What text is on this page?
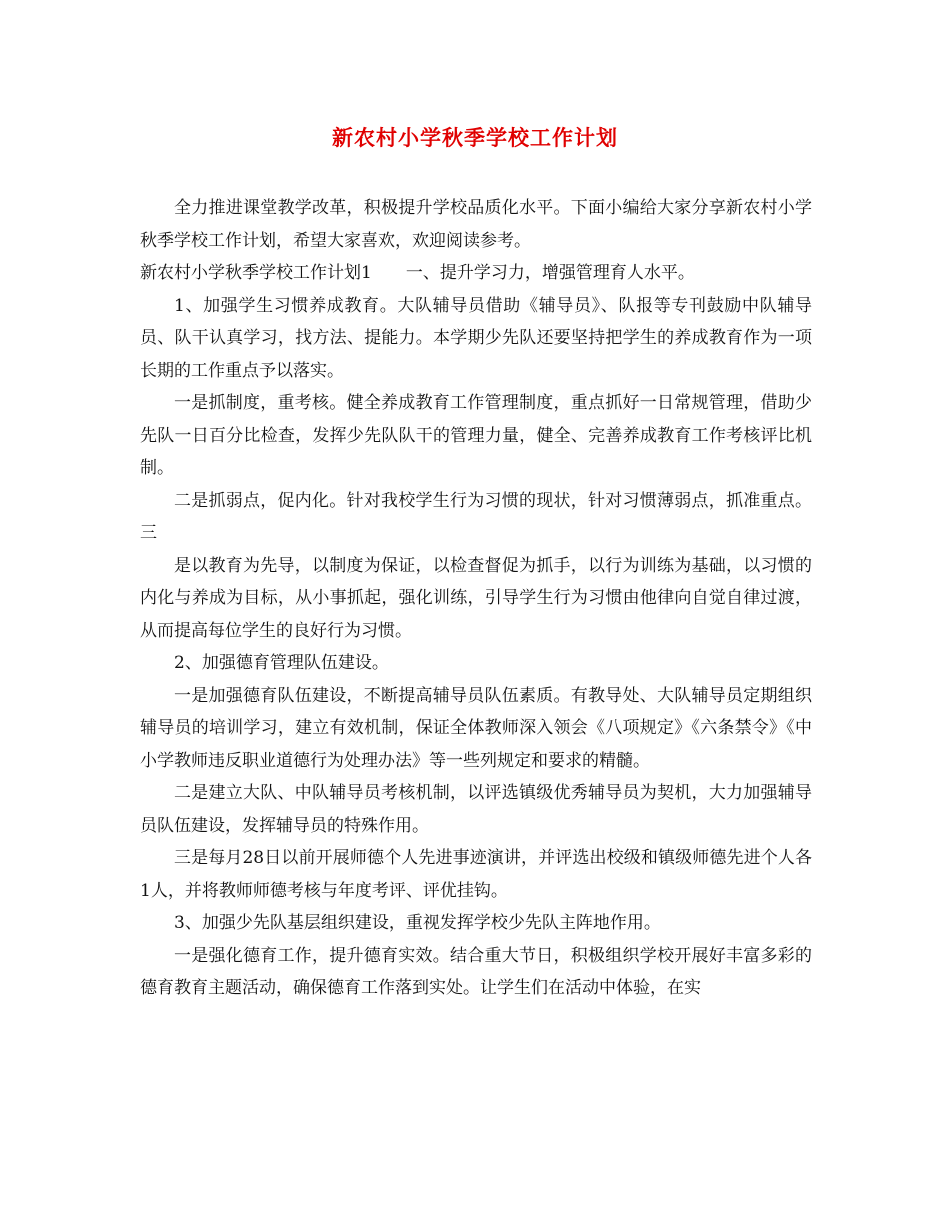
新农村小学秋季学校工作计划

全力推进课堂教学改革，积极提升学校品质化水平。下面小编给大家分享新农村小学秋季学校工作计划，希望大家喜欢，欢迎阅读参考。

新农村小学秋季学校工作计划1 一、提升学习力，增强管理育人水平。

1、加强学生习惯养成教育。大队辅导员借助《辅导员》、队报等专刊鼓励中队辅导员、队干认真学习，找方法、提能力。本学期少先队还要坚持把学生的养成教育作为一项长期的工作重点予以落实。

一是抓制度，重考核。健全养成教育工作管理制度，重点抓好一日常规管理，借助少先队一日百分比检查，发挥少先队队干的管理力量，健全、完善养成教育工作考核评比机制。

二是抓弱点，促内化。针对我校学生行为习惯的现状，针对习惯薄弱点，抓准重点。三

是以教育为先导，以制度为保证，以检查督促为抓手，以行为训练为基础，以习惯的内化与养成为目标，从小事抓起，强化训练，引导学生行为习惯由他律向自觉自律过渡，从而提高每位学生的良好行为习惯。

2、加强德育管理队伍建设。

一是加强德育队伍建设，不断提高辅导员队伍素质。有教导处、大队辅导员定期组织辅导员的培训学习，建立有效机制，保证全体教师深入领会《八项规定》《六条禁令》《中小学教师违反职业道德行为处理办法》等一些列规定和要求的精髓。

二是建立大队、中队辅导员考核机制，以评选镇级优秀辅导员为契机，大力加强辅导员队伍建设，发挥辅导员的特殊作用。

三是每月28日以前开展师德个人先进事迹演讲，并评选出校级和镇级师德先进个人各1人，并将教师师德考核与年度考评、评优挂钩。

3、加强少先队基层组织建设，重视发挥学校少先队主阵地作用。

一是强化德育工作，提升德育实效。结合重大节日，积极组织学校开展好丰富多彩的德育教育主题活动，确保德育工作落到实处。让学生们在活动中体验，在实
